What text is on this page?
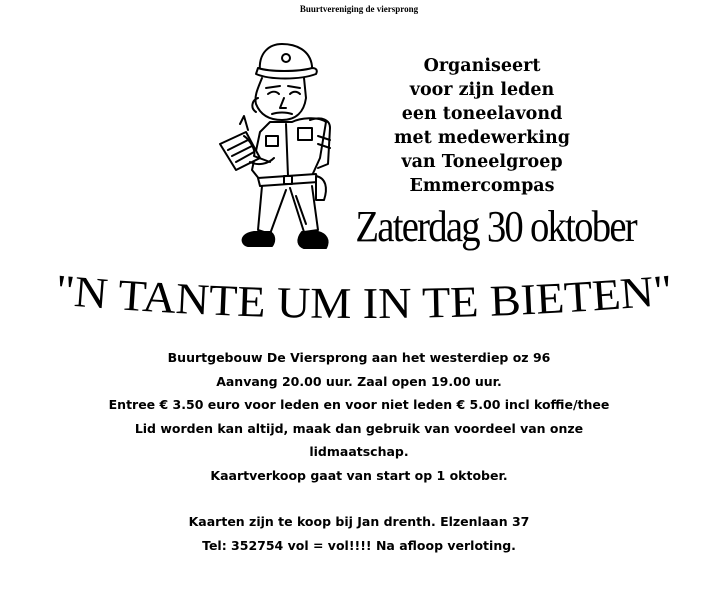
Buurtvereniging de viersprong
Organiseert
voor zijn leden
een toneelavond
met medewerking
van Toneelgroep
Emmercompas
Zaterdag 30 oktober
"N TANTE UM IN TE BIETEN"
Buurtgebouw De Viersprong aan het westerdiep oz 96
Aanvang 20.00 uur. Zaal open 19.00 uur.
Entree € 3.50 euro voor leden en voor niet leden € 5.00 incl koffie/thee
Lid worden kan altijd, maak dan gebruik van voordeel van onze
lidmaatschap.
Kaartverkoop gaat van start op 1 oktober.
Kaarten zijn te koop bij Jan drenth. Elzenlaan 37
Tel: 352754 vol = vol!!!! Na afloop verloting.
